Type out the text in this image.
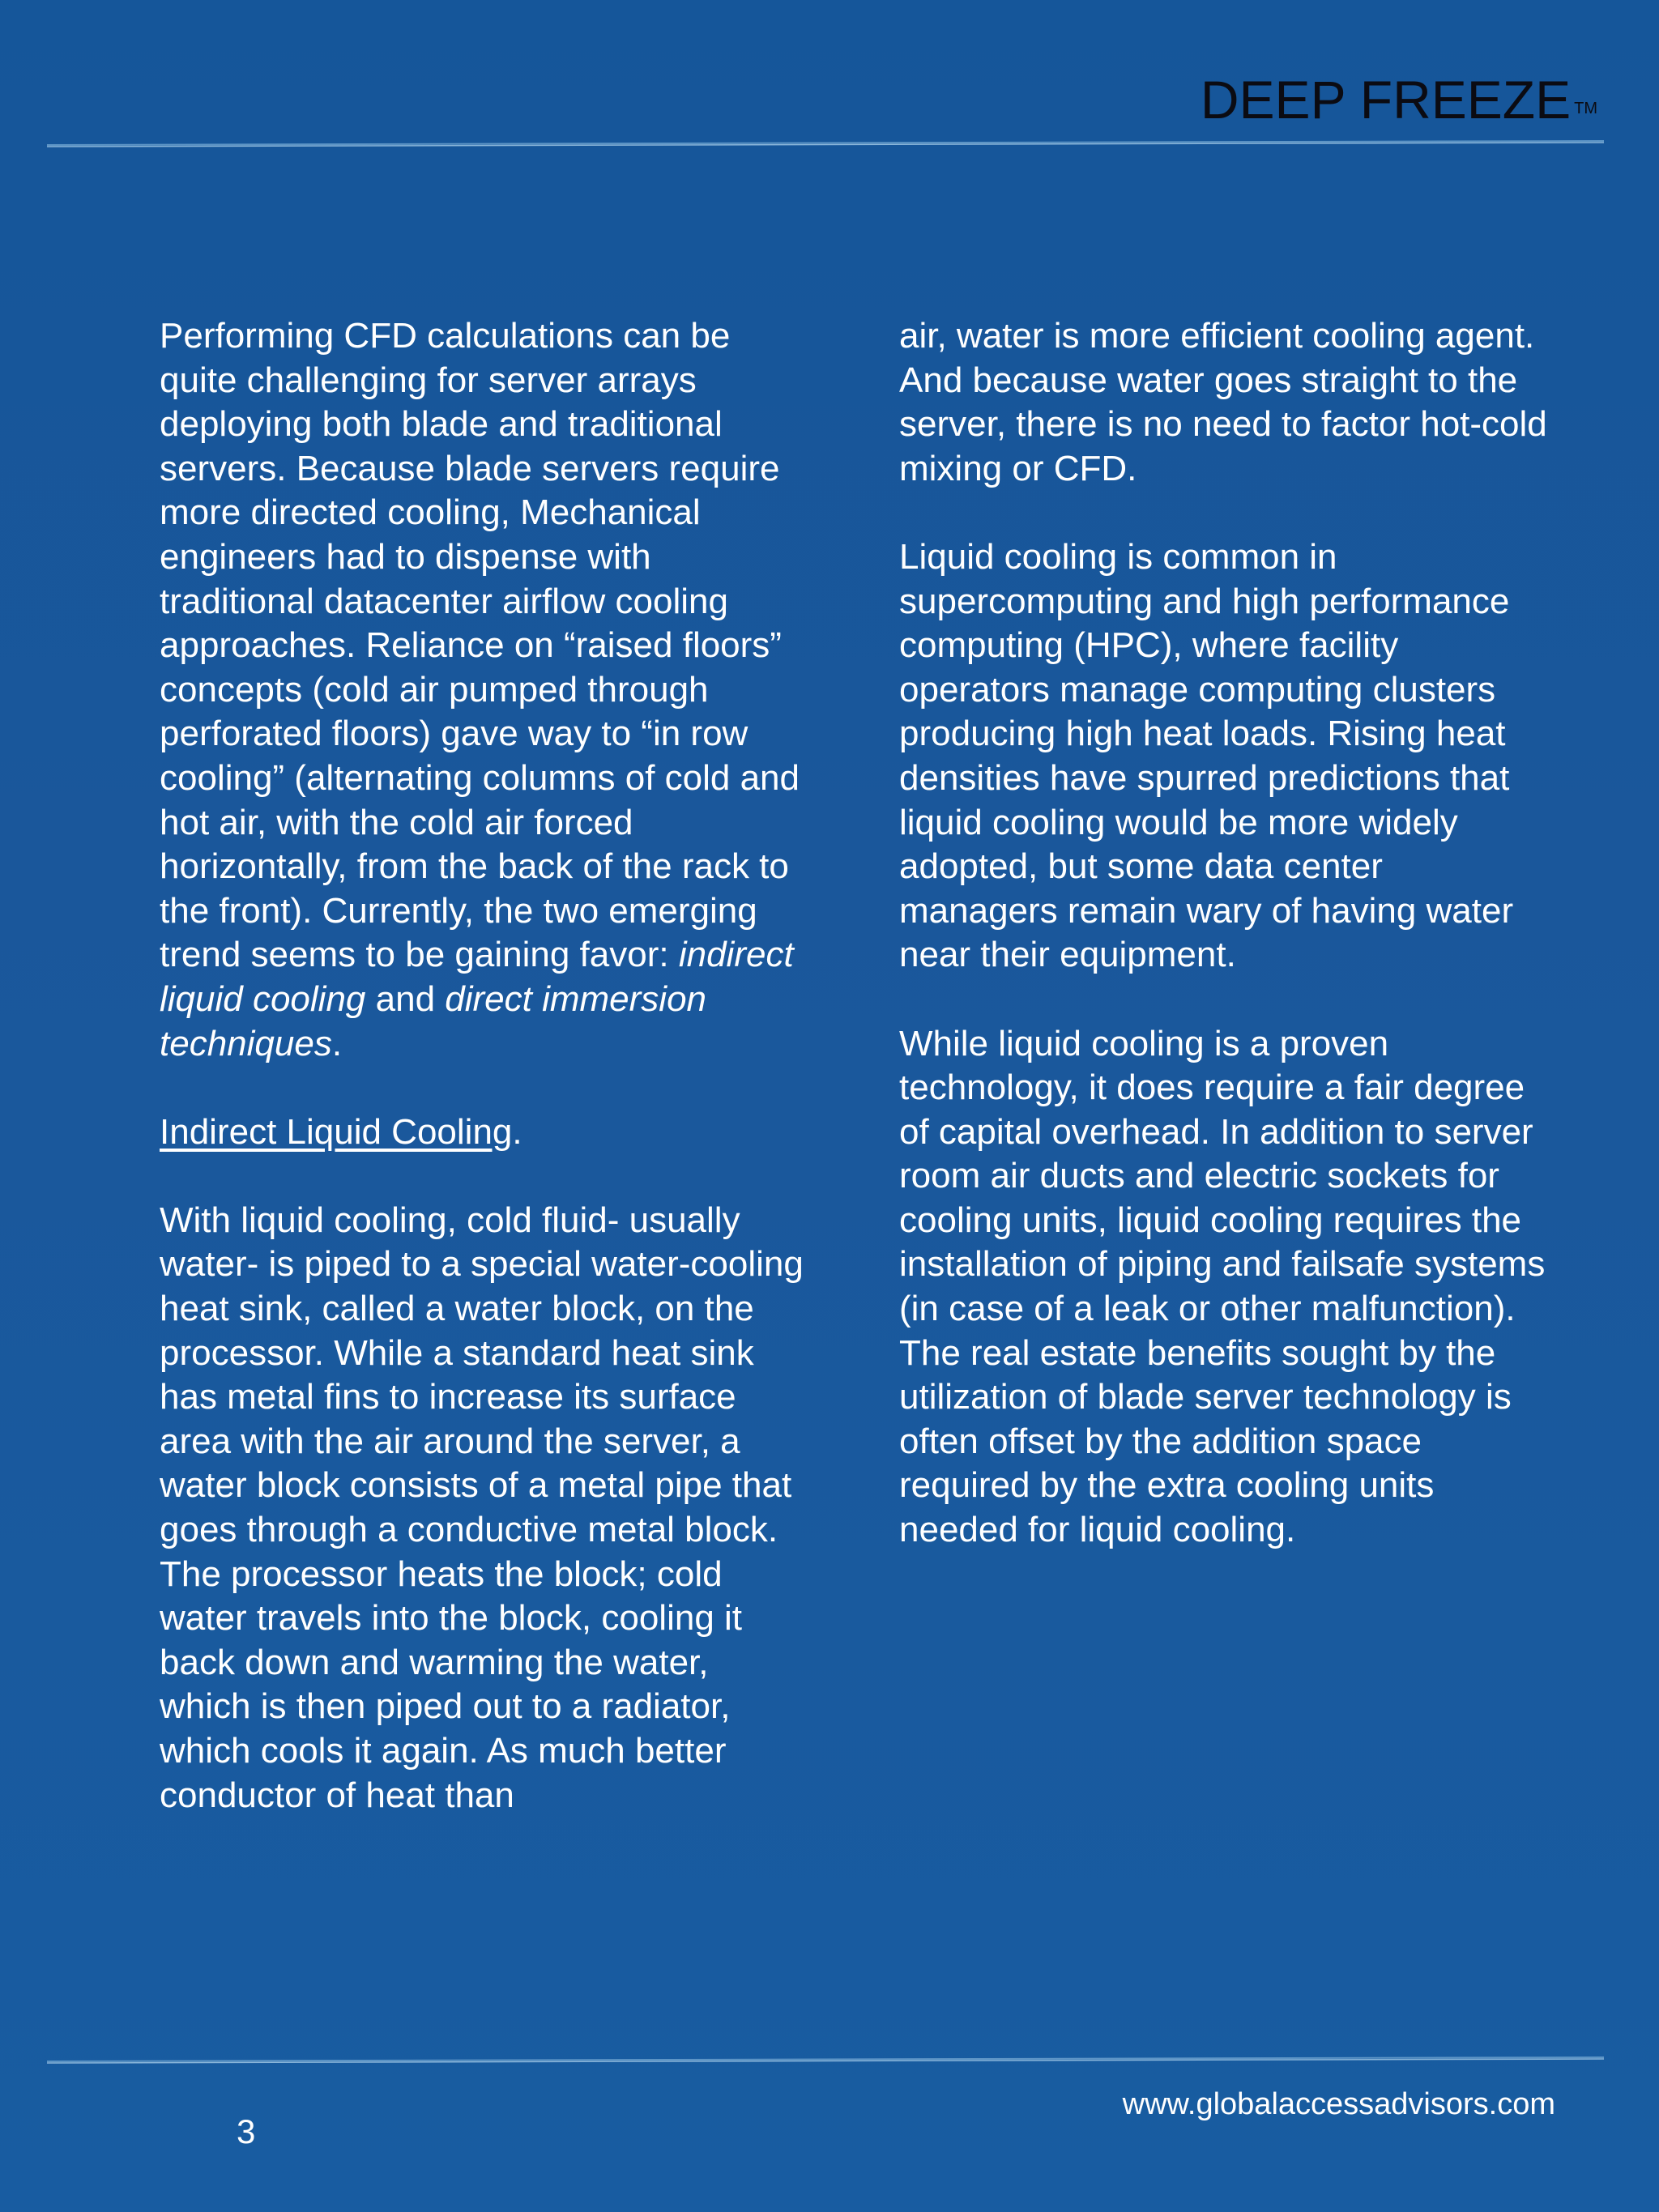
DEEP FREEZE TM

Performing CFD calculations can be quite challenging for server arrays deploying both blade and traditional servers. Because blade servers require more directed cooling, Mechanical engineers had to dispense with traditional datacenter airflow cooling approaches. Reliance on “raised floors” concepts (cold air pumped through perforated floors) gave way to “in row cooling” (alternating columns of cold and hot air, with the cold air forced horizontally, from the back of the rack to the front). Currently, the two emerging trend seems to be gaining favor: indirect liquid cooling and direct immersion techniques.

Indirect Liquid Cooling.

With liquid cooling, cold fluid- usually water- is piped to a special water-cooling heat sink, called a water block, on the processor. While a standard heat sink has metal fins to increase its surface area with the air around the server, a water block consists of a metal pipe that goes through a conductive metal block. The processor heats the block; cold water travels into the block, cooling it back down and warming the water, which is then piped out to a radiator, which cools it again. As much better conductor of heat than

air, water is more efficient cooling agent. And because water goes straight to the server, there is no need to factor hot-cold mixing or CFD.

Liquid cooling is common in supercomputing and high performance computing (HPC), where facility operators manage computing clusters producing high heat loads. Rising heat densities have spurred predictions that liquid cooling would be more widely adopted, but some data center managers remain wary of having water near their equipment.

While liquid cooling is a proven technology, it does require a fair degree of capital overhead. In addition to server room air ducts and electric sockets for cooling units, liquid cooling requires the installation of piping and failsafe systems (in case of a leak or other malfunction). The real estate benefits sought by the utilization of blade server technology is often offset by the addition space required by the extra cooling units needed for liquid cooling.

www.globalaccessadvisors.com
3
